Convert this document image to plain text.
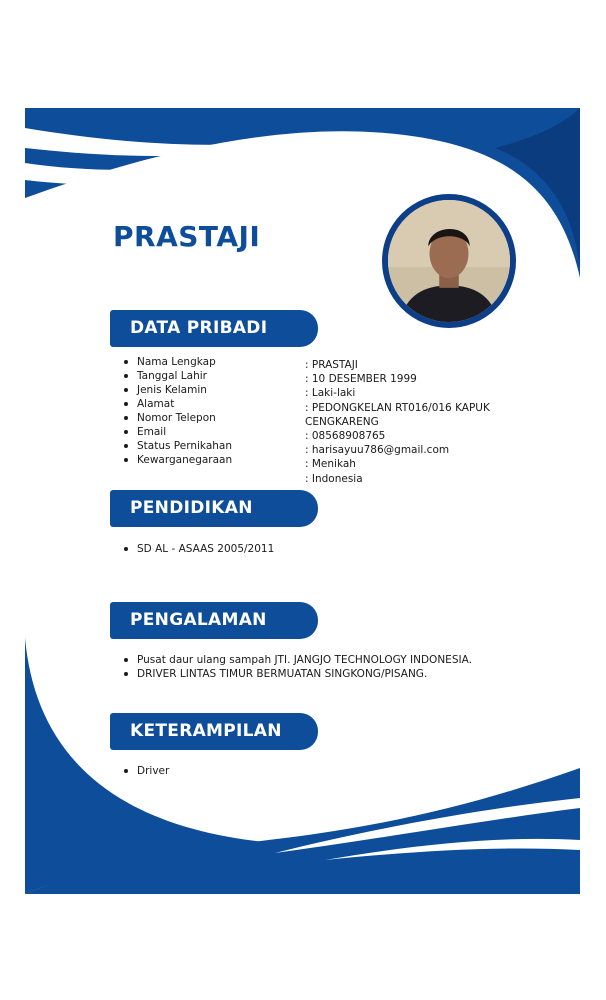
PRASTAJI
DATA PRIBADI
Nama Lengkap
Tanggal Lahir
Jenis Kelamin
Alamat
Nomor Telepon
Email
Status Pernikahan
Kewarganegaraan
: PRASTAJI
: 10 DESEMBER 1999
: Laki-laki
: PEDONGKELAN RT016/016 KAPUK CENGKARENG
: 08568908765
: harisayuu786@gmail.com
: Menikah
: Indonesia
PENDIDIKAN
SD AL - ASAAS 2005/2011
PENGALAMAN
Pusat daur ulang sampah JTI. JANGJO TECHNOLOGY INDONESIA.
DRIVER LINTAS TIMUR BERMUATAN SINGKONG/PISANG.
KETERAMPILAN
Driver
